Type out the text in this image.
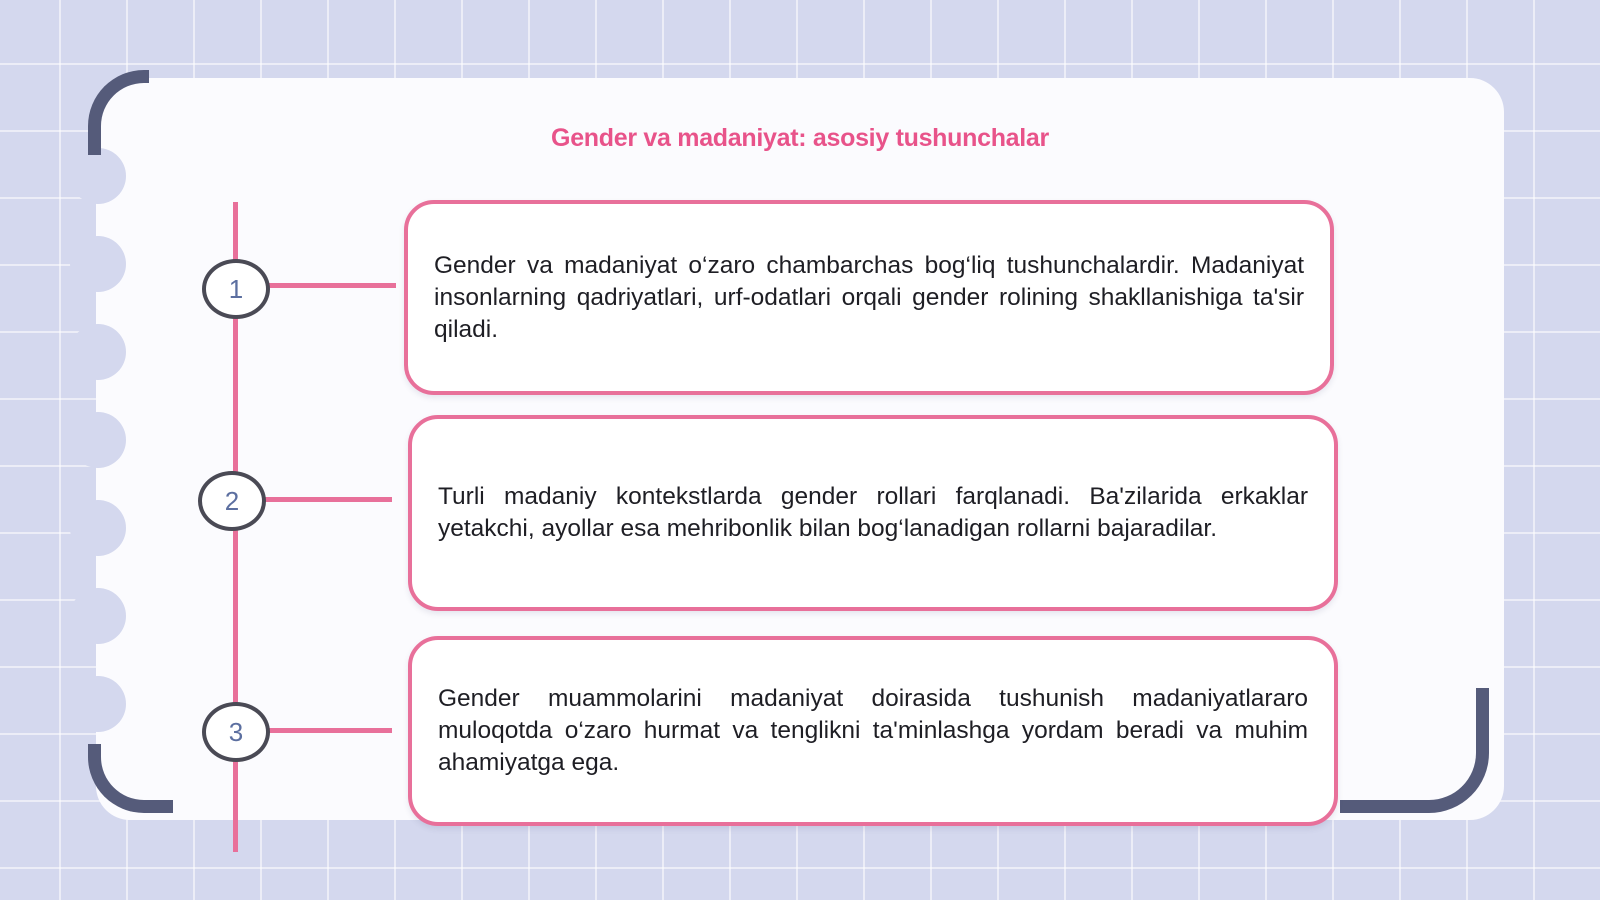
Gender va madaniyat: asosiy tushunchalar
1
2
3

Gender va madaniyat o‘zaro chambarchas bog‘liq tushunchalardir. Madaniyat insonlarning qadriyatlari, urf-odatlari orqali gender rolining shakllanishiga ta'sir qiladi.

Turli madaniy kontekstlarda gender rollari farqlanadi. Ba'zilarida erkaklar yetakchi, ayollar esa mehribonlik bilan bog‘lanadigan rollarni bajaradilar.

Gender muammolarini madaniyat doirasida tushunish madaniyatlararo muloqotda o‘zaro hurmat va tenglikni ta'minlashga yordam beradi va muhim ahamiyatga ega.
